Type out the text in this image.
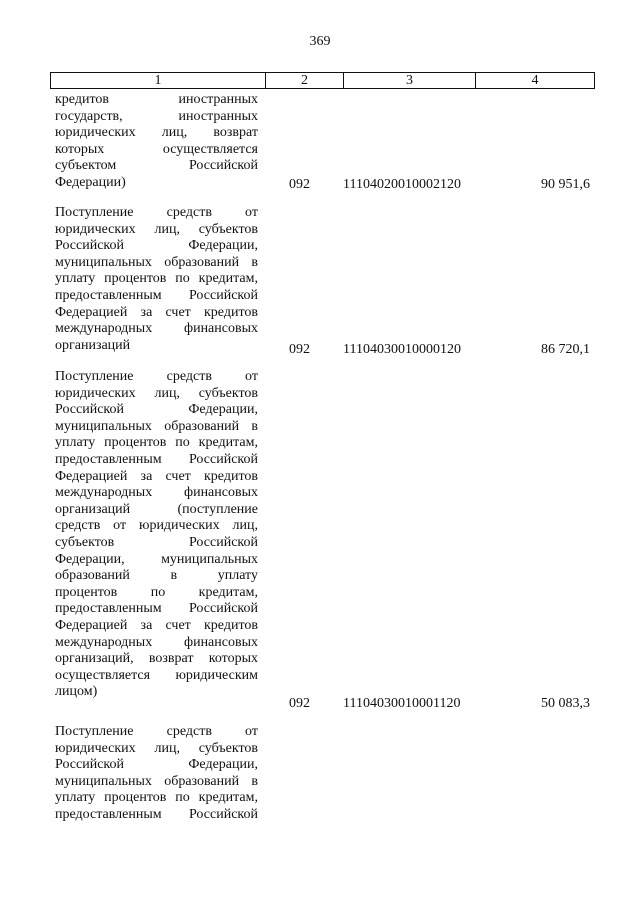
369
1	2	3	4
кредитов иностранных
государств, иностранных
юридических лиц, возврат
которых осуществляется
субъектом Российской
Федерации)	092	11104020010002120	90 951,6
Поступление средств от
юридических лиц, субъектов
Российской Федерации,
муниципальных образований в
уплату процентов по кредитам,
предоставленным Российской
Федерацией за счет кредитов
международных финансовых
организаций	092	11104030010000120	86 720,1
Поступление средств от
юридических лиц, субъектов
Российской Федерации,
муниципальных образований в
уплату процентов по кредитам,
предоставленным Российской
Федерацией за счет кредитов
международных финансовых
организаций (поступление
средств от юридических лиц,
субъектов Российской
Федерации, муниципальных
образований в уплату
процентов по кредитам,
предоставленным Российской
Федерацией за счет кредитов
международных финансовых
организаций, возврат которых
осуществляется юридическим
лицом)
092	11104030010001120	50 083,3
Поступление средств от
юридических лиц, субъектов
Российской Федерации,
муниципальных образований в
уплату процентов по кредитам,
предоставленным Российской
